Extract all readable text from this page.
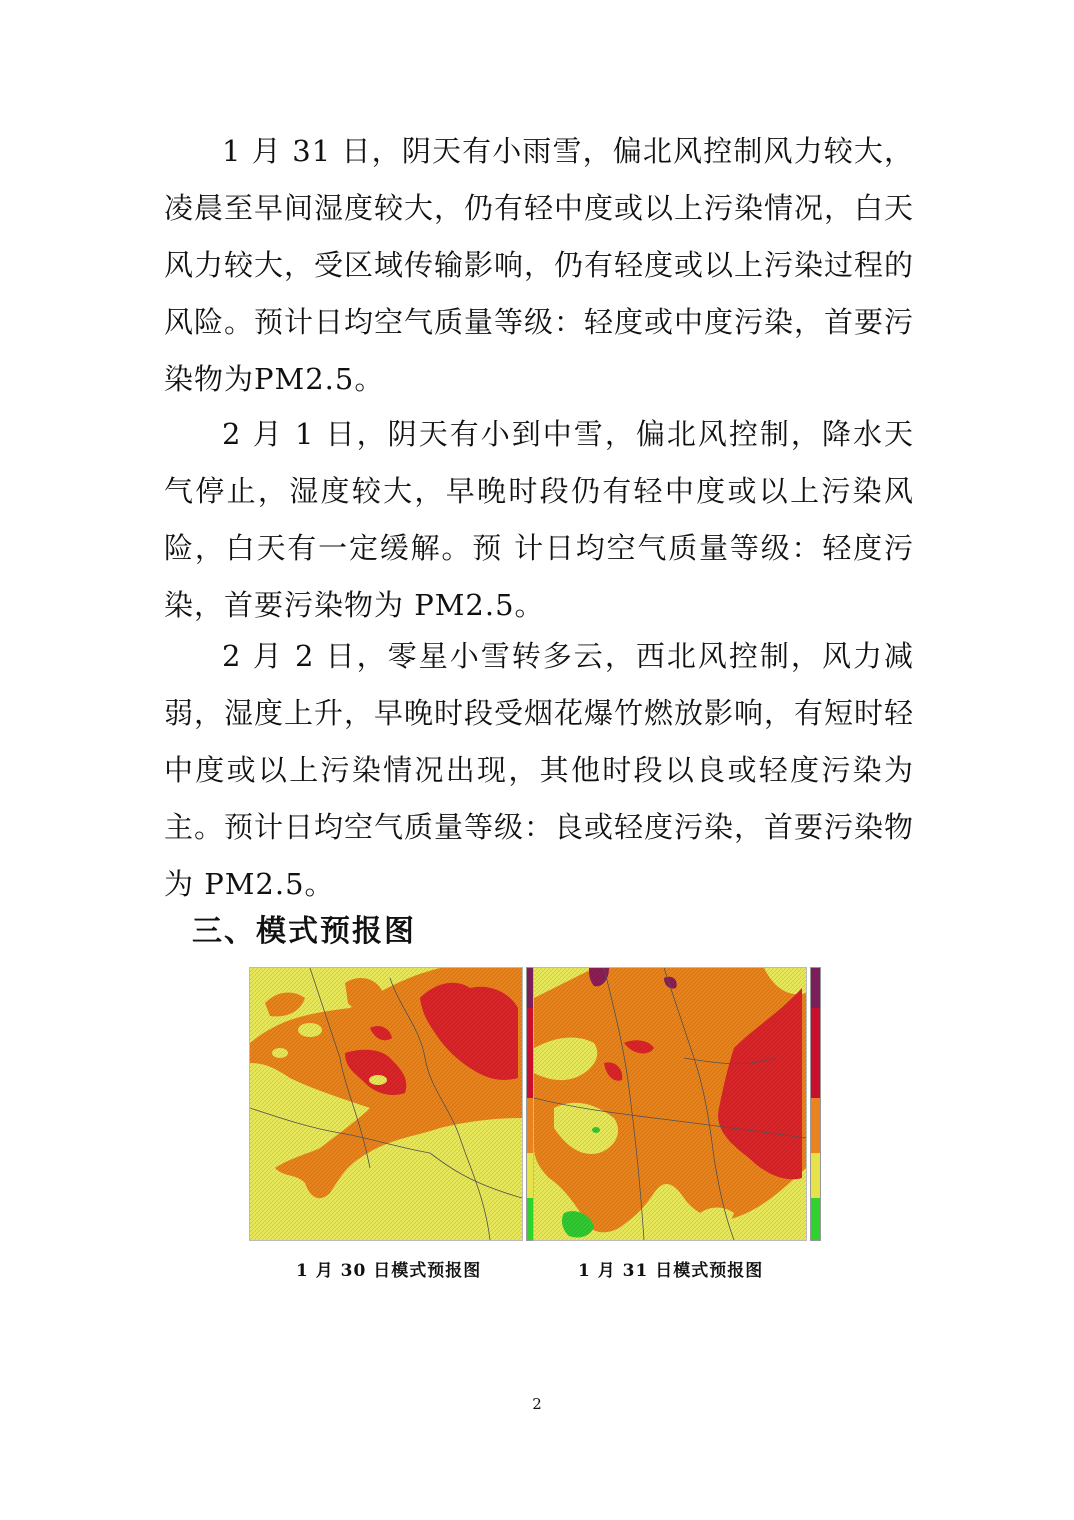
1 月 31 日，阴天有小雨雪，偏北风控制风力较大，凌晨至早间湿度较大，仍有轻中度或以上污染情况，白天风力较大，受区域传输影响，仍有轻度或以上污染过程的风险。预计日均空气质量等级：轻度或中度污染，首要污染物为PM2.5。

2 月 1 日，阴天有小到中雪，偏北风控制，降水天气停止，湿度较大，早晚时段仍有轻中度或以上污染风险，白天有一定缓解。预 计日均空气质量等级：轻度污染，首要污染物为 PM2.5。

2 月 2 日，零星小雪转多云，西北风控制，风力减弱，湿度上升，早晚时段受烟花爆竹燃放影响，有短时轻中度或以上污染情况出现，其他时段以良或轻度污染为主。预计日均空气质量等级：良或轻度污染，首要污染物为 PM2.5。

三、模式预报图
1 月 30 日模式预报图	1 月 31 日模式预报图
2
